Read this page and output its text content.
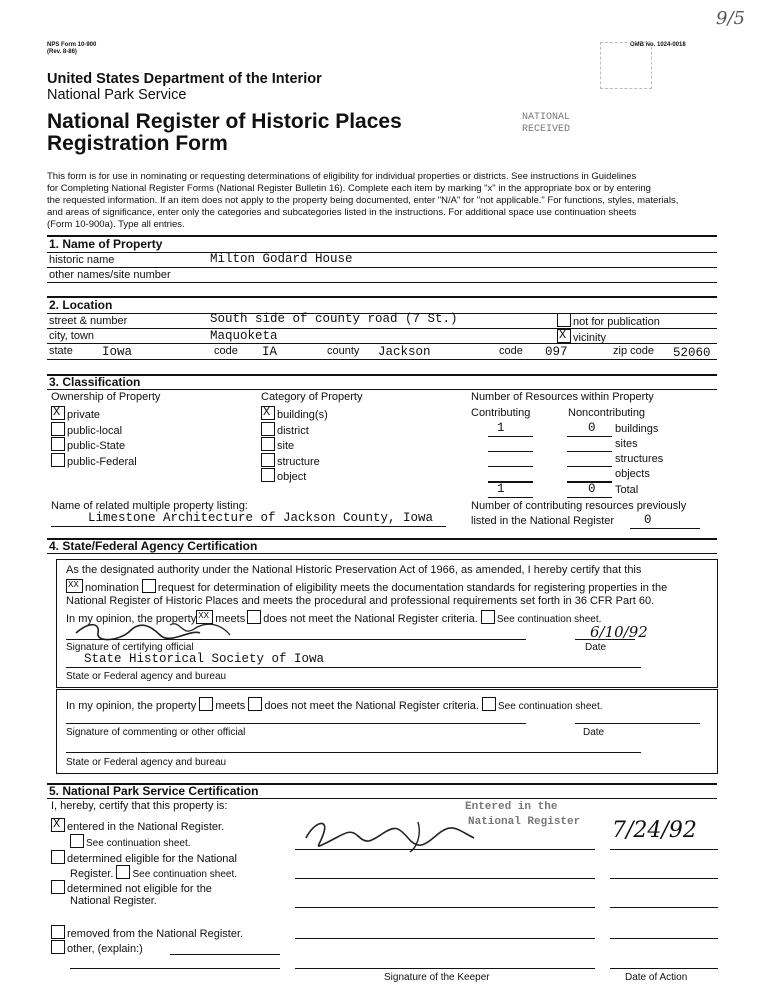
NPS Form 10-900
(Rev. 8-86)
OMB No. 1024-0018
9/5
United States Department of the Interior
National Park Service
National Register of Historic Places
Registration Form
NATIONAL
RECEIVED
This form is for use in nominating or requesting determinations of eligibility for individual properties or districts. See instructions in Guidelines
for Completing National Register Forms (National Register Bulletin 16). Complete each item by marking "x" in the appropriate box or by entering
the requested information. If an item does not apply to the property being documented, enter "N/A" for "not applicable." For functions, styles, materials,
and areas of significance, enter only the categories and subcategories listed in the instructions. For additional space use continuation sheets
(Form 10-900a). Type all entries.
1. Name of Property
historic name	Milton Godard House
other names/site number
2. Location
street & number	South side of county road (7 St.)	not for publication
city, town	Maquoketa X	vicinity
state Iowa	code IA	county Jackson	code 097	zip code 52060
3. Classification
Ownership of Property
Xprivate
public-local
public-State
public-Federal
Category of Property
Xbuilding(s)
district
site
structure
object
Number of Resources within Property
Contributing	Noncontributing
1	0 buildings
sites
structures
objects
1	0 Total
Name of related multiple property listing:
Limestone Architecture of Jackson County, Iowa
Number of contributing resources previously
listed in the National Register 0
4. State/Federal Agency Certification
As the designated authority under the National Historic Preservation Act of 1966, as amended, I hereby certify that this
XXnomination request for determination of eligibility meets the documentation standards for registering properties in the
National Register of Historic Places and meets the procedural and professional requirements set forth in 36 CFR Part 60.
In my opinion, the property XX meets does not meet the National Register criteria. See continuation sheet.
6/10/92
Signature of certifying official	Date
State Historical Society of Iowa
State or Federal agency and bureau
In my opinion, the property meets does not meet the National Register criteria. See continuation sheet.
Signature of commenting or other official	Date
State or Federal agency and bureau
5. National Park Service Certification
I, hereby, certify that this property is:
Xentered in the National Register.
See continuation sheet.
determined eligible for the National
Register. See continuation sheet.
determined not eligible for the
National Register.
removed from the National Register.
other, (explain:)
Entered in the
National Register 7/24/92
Signature of the Keeper	Date of Action
